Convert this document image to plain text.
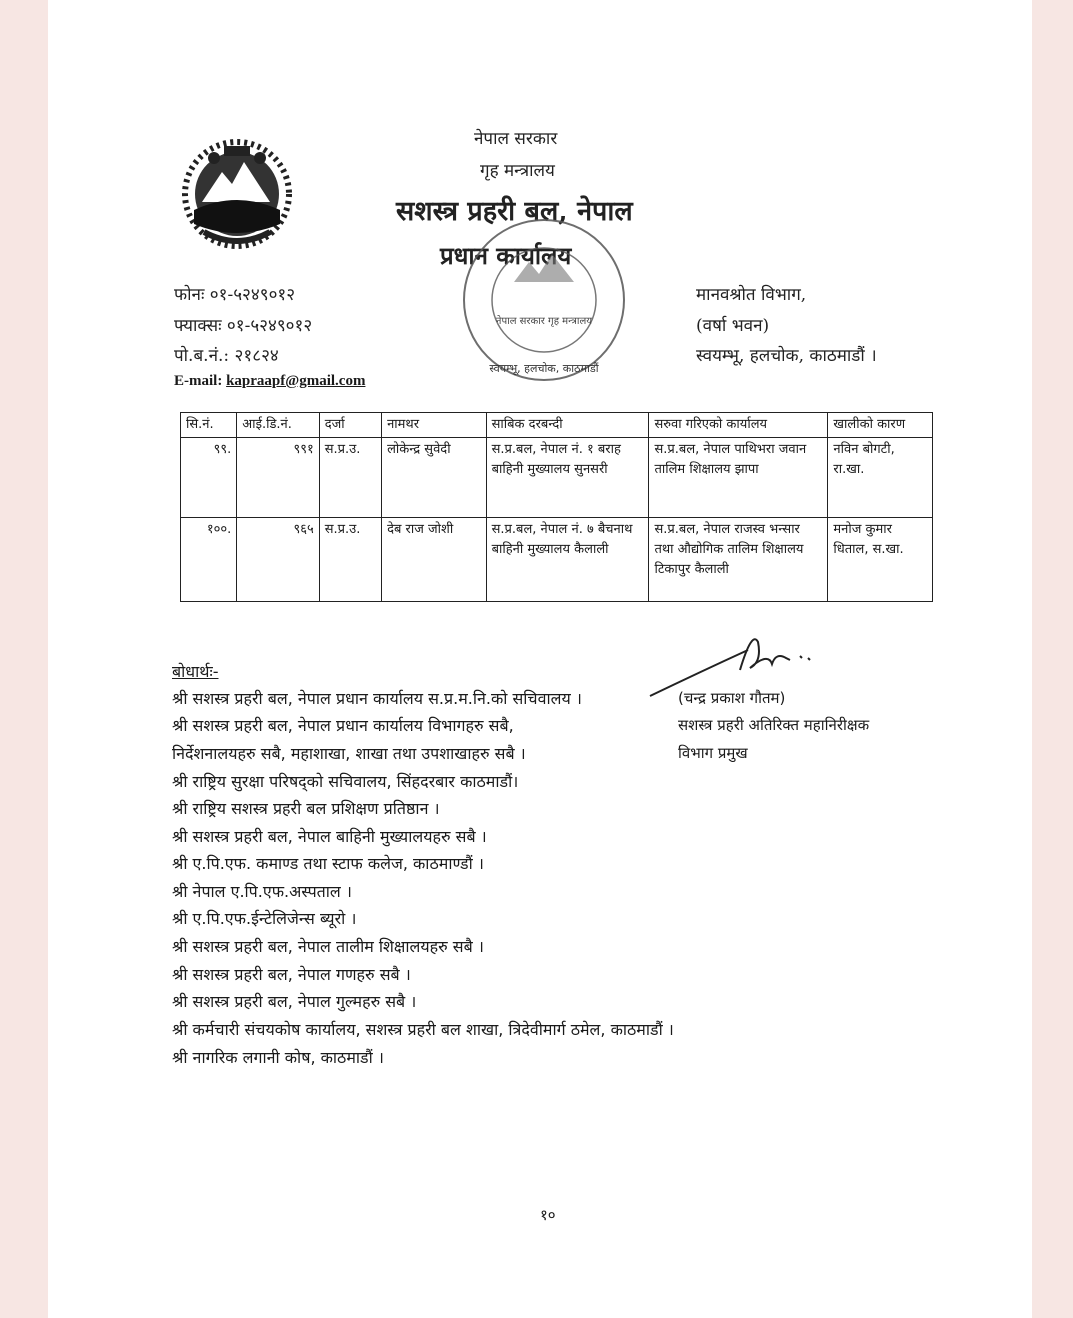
नेपाल सरकार
गृह मन्त्रालय
सशस्त्र प्रहरी बल, नेपाल
प्रधान कार्यालय
नेपाल सरकार गृह मन्त्रालय
स्वयम्भू, हलचोक, काठमाडौं
फोनः ०१-५२४९०१२
फ्याक्सः ०१-५२४९०१२
पो.ब.नं.: २१८२४
E-mail: kapraapf@gmail.com
मानवश्रोत विभाग,
(वर्षा भवन)
स्वयम्भू, हलचोक, काठमाडौं ।
सि.नं.	आई.डि.नं.	दर्जा	नामथर	साबिक दरबन्दी	सरुवा गरिएको कार्यालय	खालीको कारण
९९.	९९१	स.प्र.उ.	लोकेन्द्र सुवेदी	स.प्र.बल, नेपाल नं. १ बराह बाहिनी मुख्यालय सुनसरी	स.प्र.बल, नेपाल पाथिभरा जवान तालिम शिक्षालय झापा	नविन बोगटी, रा.खा.
१००.	९६५	स.प्र.उ.	देब राज जोशी	स.प्र.बल, नेपाल नं. ७ बैचनाथ बाहिनी मुख्यालय कैलाली	स.प्र.बल, नेपाल राजस्व भन्सार तथा औद्योगिक तालिम शिक्षालय टिकापुर कैलाली	मनोज कुमार धिताल, स.खा.
(चन्द्र प्रकाश गौतम)
सशस्त्र प्रहरी अतिरिक्त महानिरीक्षक
विभाग प्रमुख
बोधार्थः-
श्री सशस्त्र प्रहरी बल, नेपाल प्रधान कार्यालय स.प्र.म.नि.को सचिवालय ।
श्री सशस्त्र प्रहरी बल, नेपाल प्रधान कार्यालय विभागहरु सबै,
निर्देशनालयहरु सबै, महाशाखा, शाखा तथा उपशाखाहरु सबै ।
श्री राष्ट्रिय सुरक्षा परिषद्को सचिवालय, सिंहदरबार काठमाडौं।
श्री राष्ट्रिय सशस्त्र प्रहरी बल प्रशिक्षण प्रतिष्ठान ।
श्री सशस्त्र प्रहरी बल, नेपाल बाहिनी मुख्यालयहरु सबै ।
श्री ए.पि.एफ. कमाण्ड तथा स्टाफ कलेज, काठमाण्डौं ।
श्री नेपाल ए.पि.एफ.अस्पताल ।
श्री ए.पि.एफ.ईन्टेलिजेन्स ब्यूरो ।
श्री सशस्त्र प्रहरी बल, नेपाल तालीम शिक्षालयहरु सबै ।
श्री सशस्त्र प्रहरी बल, नेपाल गणहरु सबै ।
श्री सशस्त्र प्रहरी बल, नेपाल गुल्महरु सबै ।
श्री कर्मचारी संचयकोष कार्यालय, सशस्त्र प्रहरी बल शाखा, त्रिदेवीमार्ग ठमेल, काठमाडौं ।
श्री नागरिक लगानी कोष, काठमाडौं ।
१०
